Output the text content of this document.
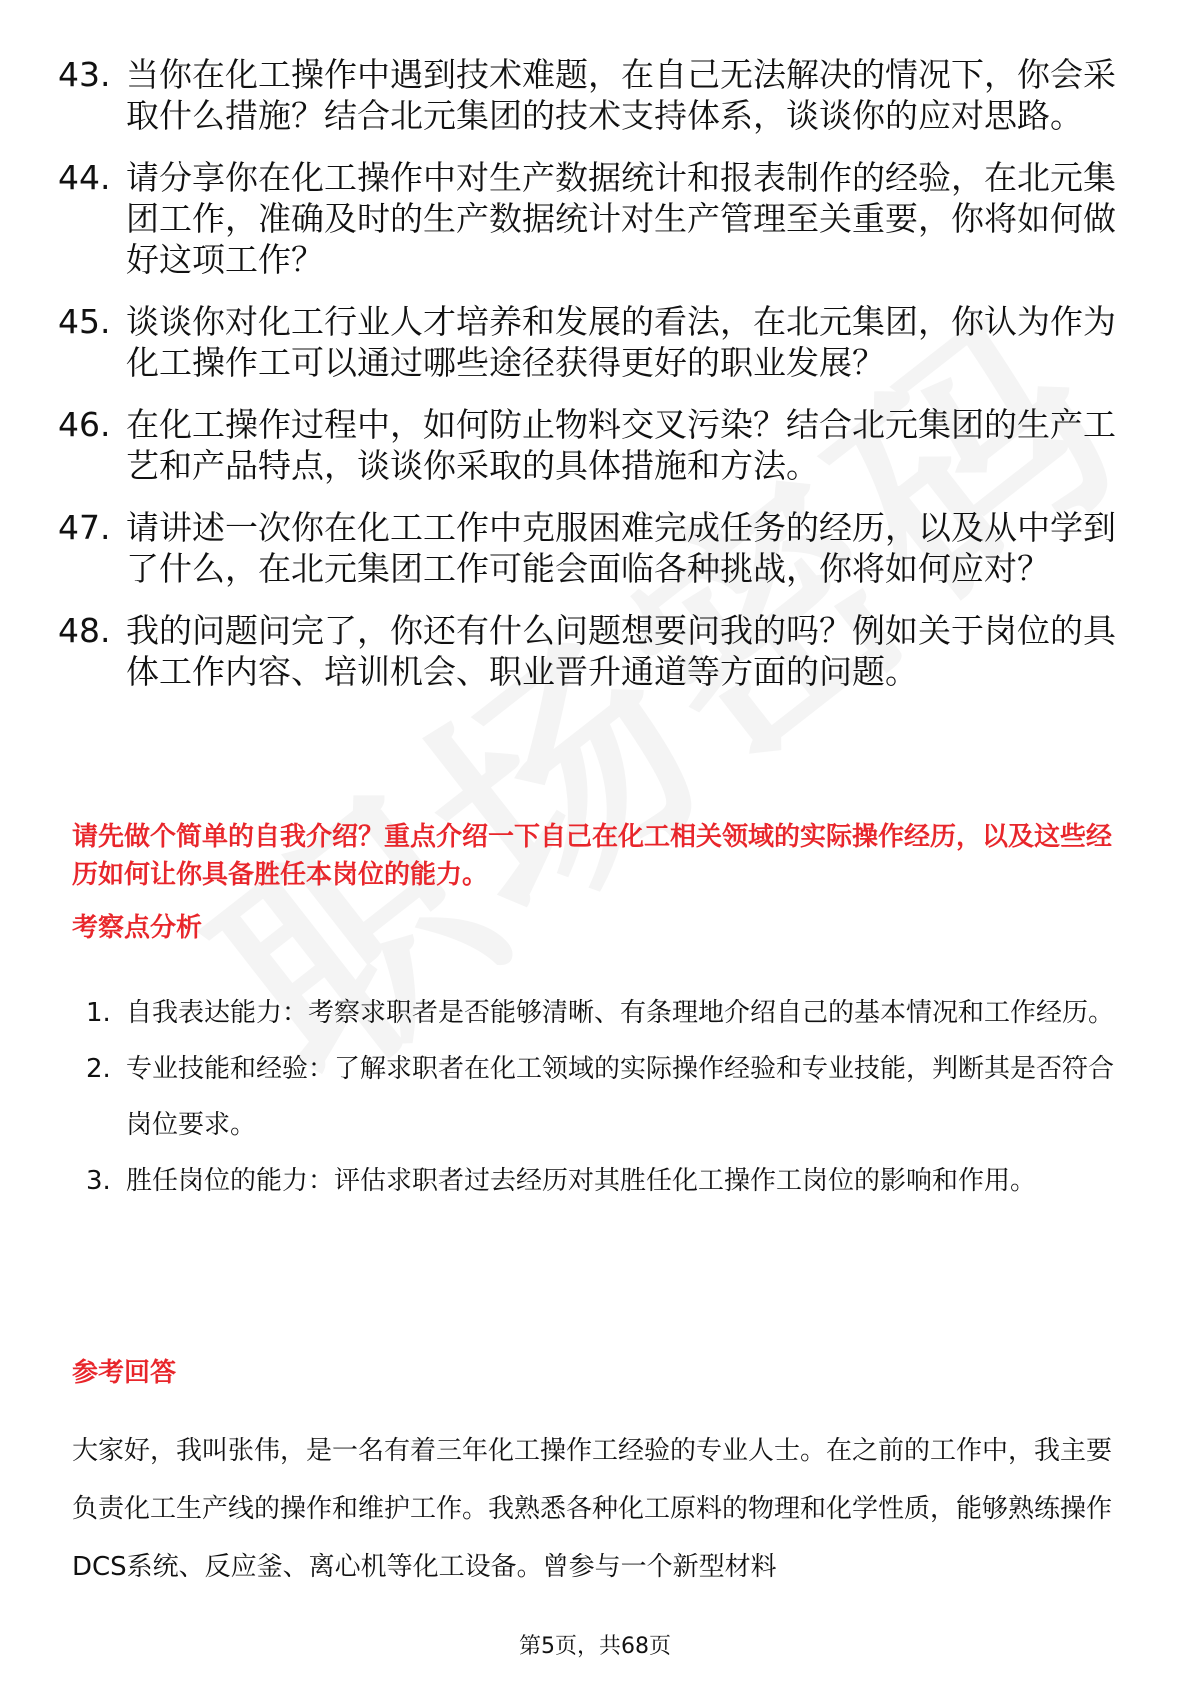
43. 当你在化工操作中遇到技术难题，在自己无法解决的情况下，你会采取什么措施？结合北元集团的技术支持体系，谈谈你的应对思路。
44. 请分享你在化工操作中对生产数据统计和报表制作的经验，在北元集团工作，准确及时的生产数据统计对生产管理至关重要，你将如何做好这项工作？
45. 谈谈你对化工行业人才培养和发展的看法，在北元集团，你认为作为化工操作工可以通过哪些途径获得更好的职业发展？
46. 在化工操作过程中，如何防止物料交叉污染？结合北元集团的生产工艺和产品特点，谈谈你采取的具体措施和方法。
47. 请讲述一次你在化工工作中克服困难完成任务的经历，以及从中学到了什么，在北元集团工作可能会面临各种挑战，你将如何应对？
48. 我的问题问完了，你还有什么问题想要问我的吗？例如关于岗位的具体工作内容、培训机会、职业晋升通道等方面的问题。
请先做个简单的自我介绍？重点介绍一下自己在化工相关领域的实际操作经历，以及这些经历如何让你具备胜任本岗位的能力。
考察点分析
1. 自我表达能力：考察求职者是否能够清晰、有条理地介绍自己的基本情况和工作经历。
2. 专业技能和经验：了解求职者在化工领域的实际操作经验和专业技能，判断其是否符合岗位要求。
3. 胜任岗位的能力：评估求职者过去经历对其胜任化工操作工岗位的影响和作用。
参考回答

大家好，我叫张伟，是一名有着三年化工操作工经验的专业人士。在之前的工作中，我主要负责化工生产线的操作和维护工作。我熟悉各种化工原料的物理和化学性质，能够熟练操作DCS系统、反应釜、离心机等化工设备。曾参与一个新型材料

第5页，共68页
